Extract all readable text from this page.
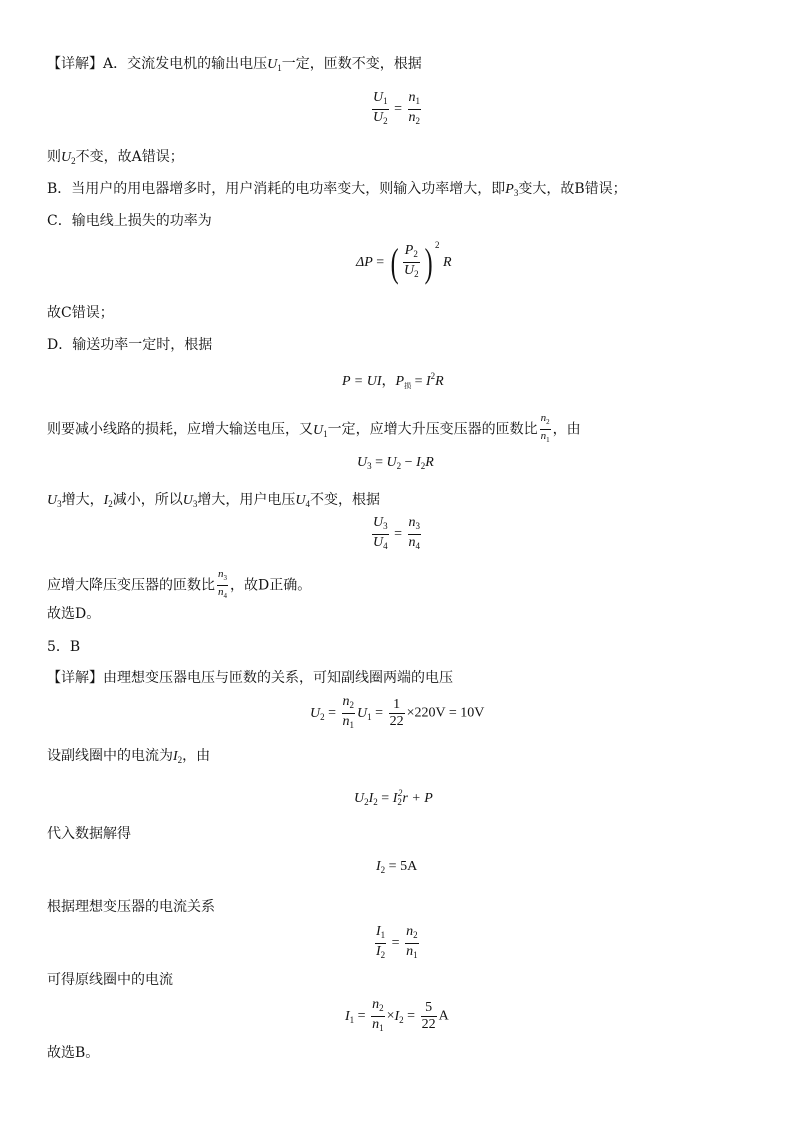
【详解】A．交流发电机的输出电压$U_1$一定，匝数不变，根据
$\frac{U_1}{U_2} = \frac{n_1}{n_2}$
则$U_2$不变，故A错误；
B．当用户的用电器增多时，用户消耗的电功率变大，则输入功率增大，即$P_3$变大，故B错误；
C．输电线上损失的功率为
ΔP = ( $\frac{P_2}{U_2}$ ) $^2$ R
故C错误；
D．输送功率一定时，根据
P = UI，$P_损 = I^2R$
则要减小线路的损耗，应增大输送电压，又$U_1$一定，应增大升压变压器的匝数比 $\frac{n_2}{n_1}$ ，由
$U_3 = U_2 - I_2R$
$U_3$增大，$I_2$减小，所以$U_3$增大，用户电压$U_4$不变，根据
$\frac{U_3}{U_4} = \frac{n_3}{n_4}$
应增大降压变压器的匝数比 $\frac{n_3}{n_4}$ ，故D正确。
故选D。
5．B
【详解】由理想变压器电压与匝数的关系，可知副线圈两端的电压
$U_2 = \frac{n_2}{n_1} U_1 = \frac{1}{22} \times 220V = 10V$
设副线圈中的电流为$I_2$，由
$U_2I_2 = I_2^2r + P$
代入数据解得
$I_2 = 5A$
根据理想变压器的电流关系
$\frac{I_1}{I_2} = \frac{n_2}{n_1}$
可得原线圈中的电流
$I_1 = \frac{n_2}{n_1} \times I_2 = \frac{5}{22}$ A
故选B。
